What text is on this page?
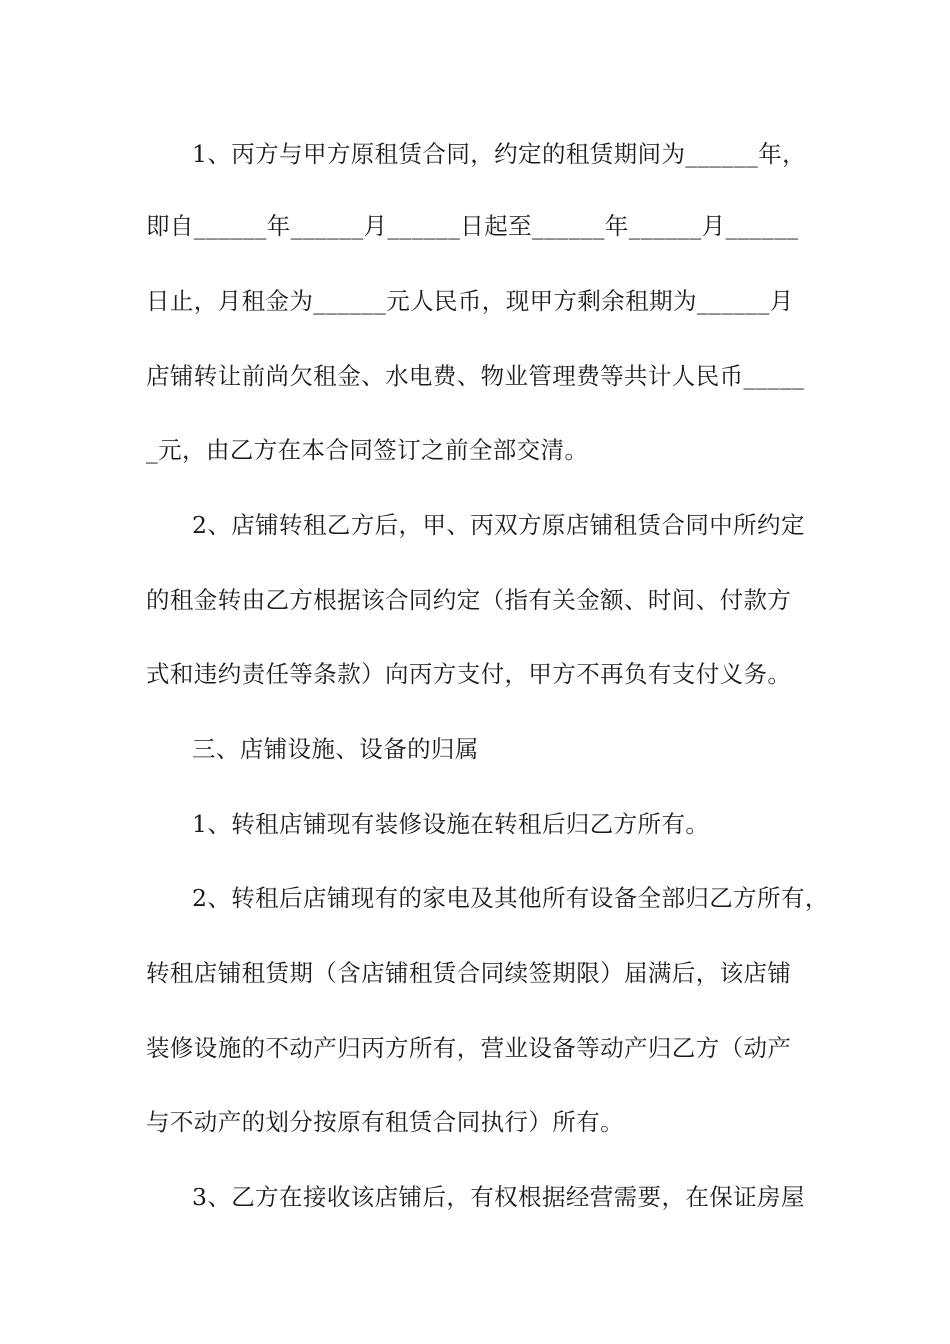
1、丙方与甲方原租赁合同，约定的租赁期间为______年，
即自______年______月______日起至______年______月______
日止，月租金为______元人民币，现甲方剩余租期为______月
店铺转让前尚欠租金、水电费、物业管理费等共计人民币_____
_元，由乙方在本合同签订之前全部交清。
2、店铺转租乙方后，甲、丙双方原店铺租赁合同中所约定
的租金转由乙方根据该合同约定（指有关金额、时间、付款方
式和违约责任等条款）向丙方支付，甲方不再负有支付义务。
三、店铺设施、设备的归属
1、转租店铺现有装修设施在转租后归乙方所有。
2、转租后店铺现有的家电及其他所有设备全部归乙方所有，
转租店铺租赁期（含店铺租赁合同续签期限）届满后，该店铺
装修设施的不动产归丙方所有，营业设备等动产归乙方（动产
与不动产的划分按原有租赁合同执行）所有。
3、乙方在接收该店铺后，有权根据经营需要，在保证房屋
